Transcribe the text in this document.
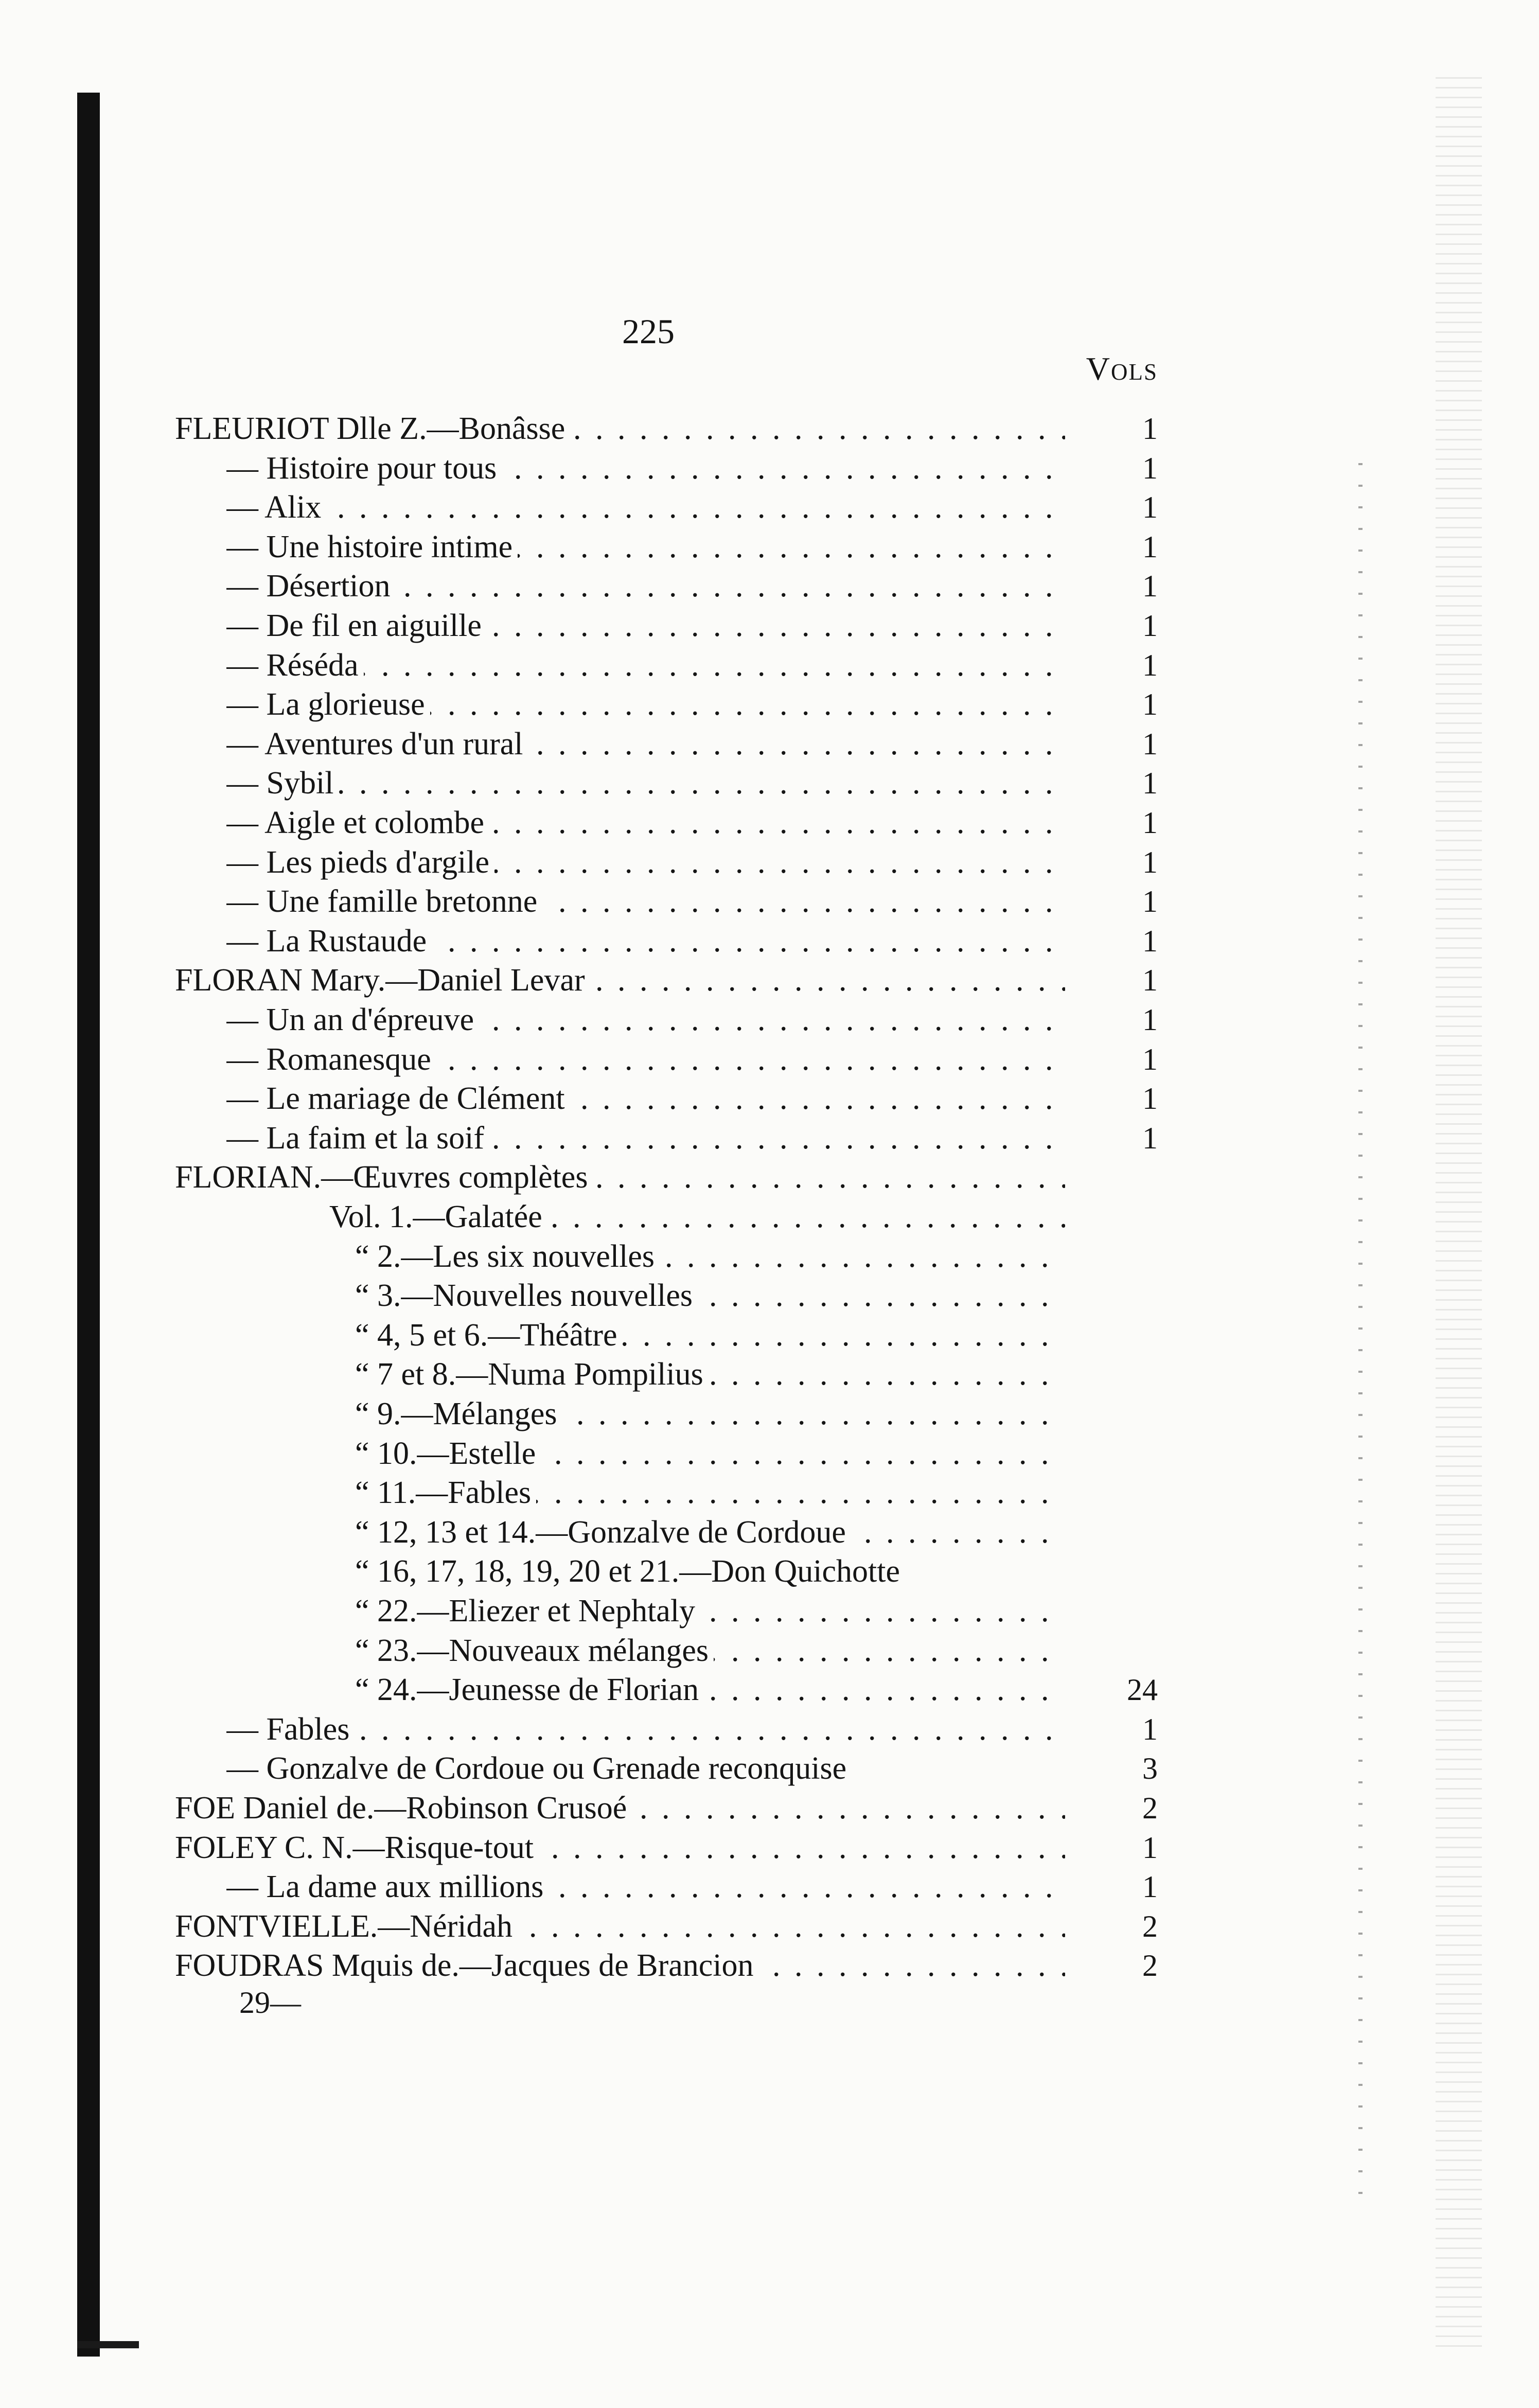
225
Vols
FLEURIOT Dlle Z.—Bonâsse . . .	1
— Histoire pour tous . . .	1
— Alix . . .	1
— Une histoire intime . . .	1
— Désertion . . .	1
— De fil en aiguille . . .	1
— Réséda . . .	1
— La glorieuse . . .	1
— Aventures d'un rural . . .	1
— Sybil . . .	1
— Aigle et colombe . . .	1
— Les pieds d'argile . . .	1
— Une famille bretonne . . .	1
— La Rustaude . . .	1
FLORAN Mary.—Daniel Levar . . .	1
— Un an d'épreuve . . .	1
— Romanesque . . .	1
— Le mariage de Clément . . .	1
— La faim et la soif . . .	1
FLORIAN.—Œuvres complètes . . .
Vol. 1.—Galatée . . .
“ 2.—Les six nouvelles . . .
“ 3.—Nouvelles nouvelles . . .
“ 4, 5 et 6.—Théâtre . . .
“ 7 et 8.—Numa Pompilius . . .
“ 9.—Mélanges . . .
“ 10.—Estelle . . .
“ 11.—Fables . . .
“ 12, 13 et 14.—Gonzalve de Cordoue . . .
“ 16, 17, 18, 19, 20 et 21.—Don Quichotte
“ 22.—Eliezer et Nephtaly . . .
“ 23.—Nouveaux mélanges . . .
“ 24.—Jeunesse de Florian . . .	24
— Fables . . .	1
— Gonzalve de Cordoue ou Grenade reconquise	3
FOE Daniel de.—Robinson Crusoé . . .	2
FOLEY C. N.—Risque-tout . . .	1
— La dame aux millions . . .	1
FONTVIELLE.—Néridah . . .	2
FOUDRAS Mquis de.—Jacques de Brancion . . .	2
29—
